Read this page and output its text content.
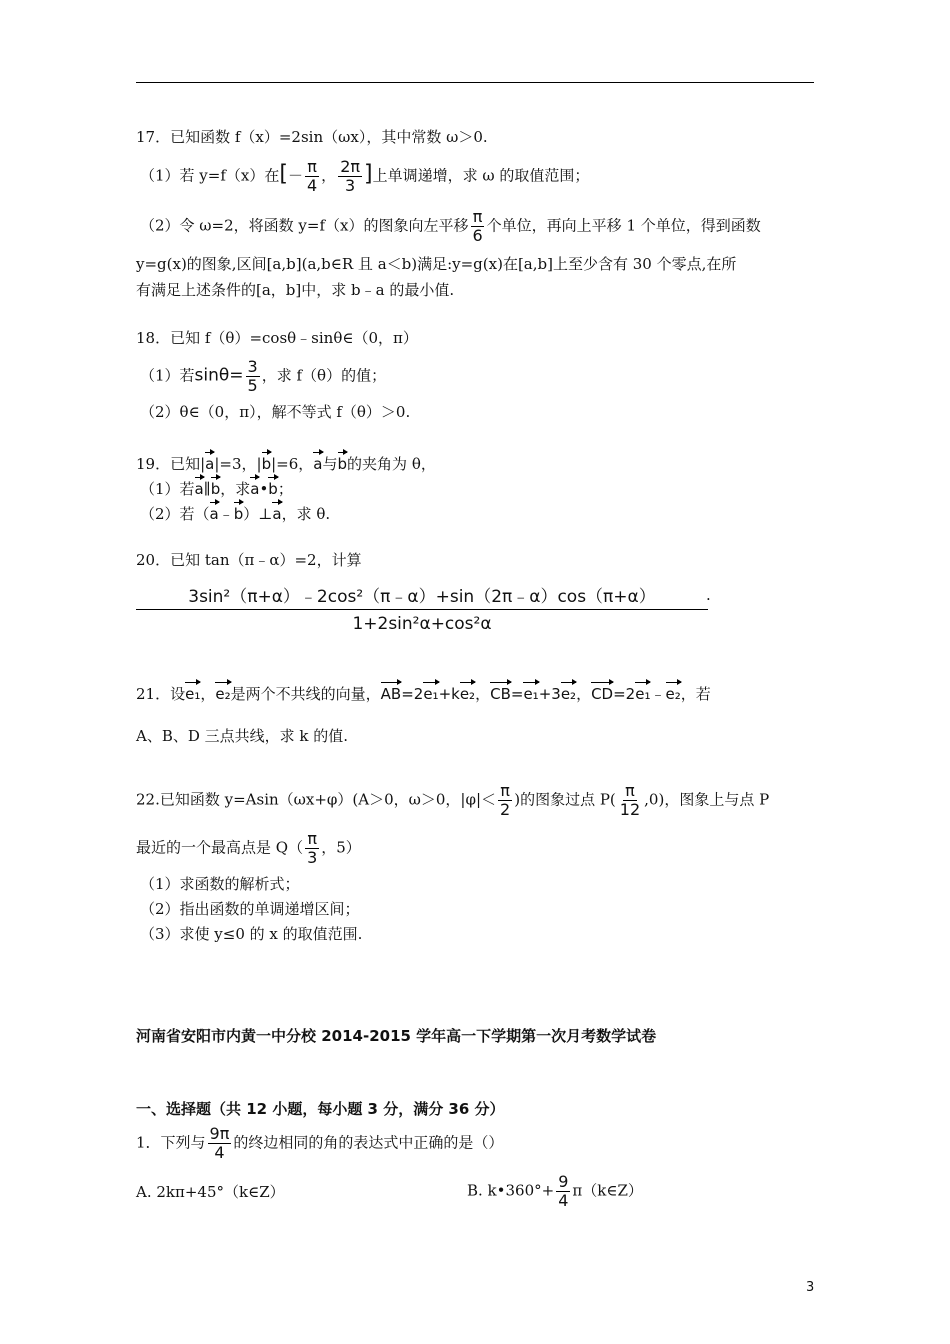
17．已知函数 f（x）=2sin（ωx），其中常数 ω＞0.
（1）若 y=f（x）在[－ $\frac{\pi}{4}$ ， $\frac{2\pi}{3}$ ]上单调递增，求 ω 的取值范围；
（2）令 ω=2，将函数 y=f（x）的图象向左平移 $\frac{\pi}{6}$ 个单位，再向上平移 1 个单位，得到函数
y=g(x)的图象,区间[a,b](a,b∈R 且 a＜b)满足:y=g(x)在[a,b]上至少含有 30 个零点,在所
有满足上述条件的[a，b]中，求 b﹣a 的最小值.
18．已知 f（θ）=cosθ﹣sinθ∈（0，π）
（1）若$\sin\theta= \frac{3}{5}$ ，求 f（θ）的值；
（2）θ∈（0，π），解不等式 f（θ）＞0.
19．已知|a|=3，|b|=6，a与b的夹角为 θ，
（1）若a∥b，求a•b；
（2）若（a﹣b）⊥a，求 θ.
20．已知 tan（π﹣α）=2，计算
$\frac{\text{3sin²（π+α）﹣2cos²（π﹣α）+sin（2π﹣α）cos（π+α）}}{\text{1+2sin²α+cos²α}}$
.
21．设e₁，e₂是两个不共线的向量，AB=2e₁+ke₂，CB=e₁+3e₂，CD=2e₁﹣e₂，若
A、B、D 三点共线，求 k 的值.
22.已知函数 y=Asin（ωx+φ）(A＞0，ω＞0，$|\varphi|< \frac{\pi}{2}$ )的图象过点 $P( \frac{\pi}{12} ,0)$，图象上与点 P
最近的一个最高点是 $Q( \frac{\pi}{3}$ ，5）
（1）求函数的解析式；
（2）指出函数的单调递增区间；
（3）求使 y≤0 的 x 的取值范围.
河南省安阳市内黄一中分校 2014-2015 学年高一下学期第一次月考数学试卷
一、选择题（共 12 小题，每小题 3 分，满分 36 分）
1．下列与 $\frac{9\pi}{4}$ 的终边相同的角的表达式中正确的是（）
A. 2kπ+45°（k∈Z）	B. k•360°+ $\frac{9}{4}$ π（k∈Z）
3
